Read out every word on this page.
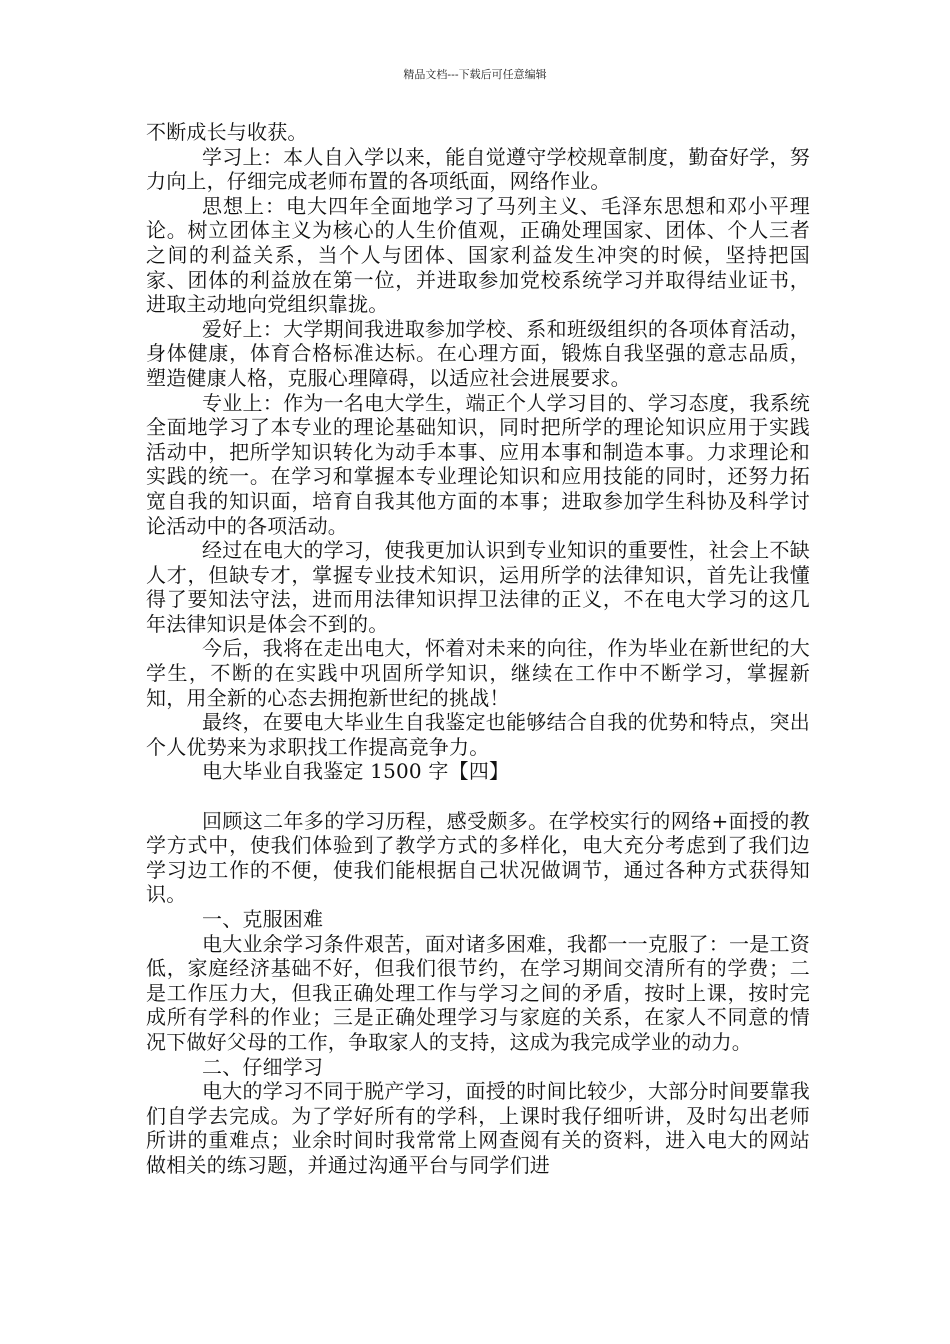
精品文档---下载后可任意编辑

不断成长与收获。

学习上：本人自入学以来，能自觉遵守学校规章制度，勤奋好学，努力向上，仔细完成老师布置的各项纸面，网络作业。

思想上：电大四年全面地学习了马列主义、毛泽东思想和邓小平理论。树立团体主义为核心的人生价值观，正确处理国家、团体、个人三者之间的利益关系，当个人与团体、国家利益发生冲突的时候，坚持把国家、团体的利益放在第一位，并进取参加党校系统学习并取得结业证书，进取主动地向党组织靠拢。

爱好上：大学期间我进取参加学校、系和班级组织的各项体育活动，身体健康，体育合格标准达标。在心理方面，锻炼自我坚强的意志品质，塑造健康人格，克服心理障碍，以适应社会进展要求。

专业上：作为一名电大学生，端正个人学习目的、学习态度，我系统全面地学习了本专业的理论基础知识，同时把所学的理论知识应用于实践活动中，把所学知识转化为动手本事、应用本事和制造本事。力求理论和实践的统一。在学习和掌握本专业理论知识和应用技能的同时，还努力拓宽自我的知识面，培育自我其他方面的本事；进取参加学生科协及科学讨论活动中的各项活动。

经过在电大的学习，使我更加认识到专业知识的重要性，社会上不缺人才，但缺专才，掌握专业技术知识，运用所学的法律知识，首先让我懂得了要知法守法，进而用法律知识捍卫法律的正义，不在电大学习的这几年法律知识是体会不到的。

今后，我将在走出电大，怀着对未来的向往，作为毕业在新世纪的大学生，不断的在实践中巩固所学知识，继续在工作中不断学习，掌握新知，用全新的心态去拥抱新世纪的挑战！

最终，在要电大毕业生自我鉴定也能够结合自我的优势和特点，突出个人优势来为求职找工作提高竞争力。

电大毕业自我鉴定 1500 字【四】

回顾这二年多的学习历程，感受颇多。在学校实行的网络+面授的教学方式中，使我们体验到了教学方式的多样化，电大充分考虑到了我们边学习边工作的不便，使我们能根据自己状况做调节，通过各种方式获得知识。

一、克服困难

电大业余学习条件艰苦，面对诸多困难，我都一一克服了：一是工资低，家庭经济基础不好，但我们很节约，在学习期间交清所有的学费；二是工作压力大，但我正确处理工作与学习之间的矛盾，按时上课，按时完成所有学科的作业；三是正确处理学习与家庭的关系，在家人不同意的情况下做好父母的工作，争取家人的支持，这成为我完成学业的动力。

二、仔细学习

电大的学习不同于脱产学习，面授的时间比较少，大部分时间要靠我们自学去完成。为了学好所有的学科，上课时我仔细听讲，及时勾出老师所讲的重难点；业余时间时我常常上网查阅有关的资料，进入电大的网站做相关的练习题，并通过沟通平台与同学们进
